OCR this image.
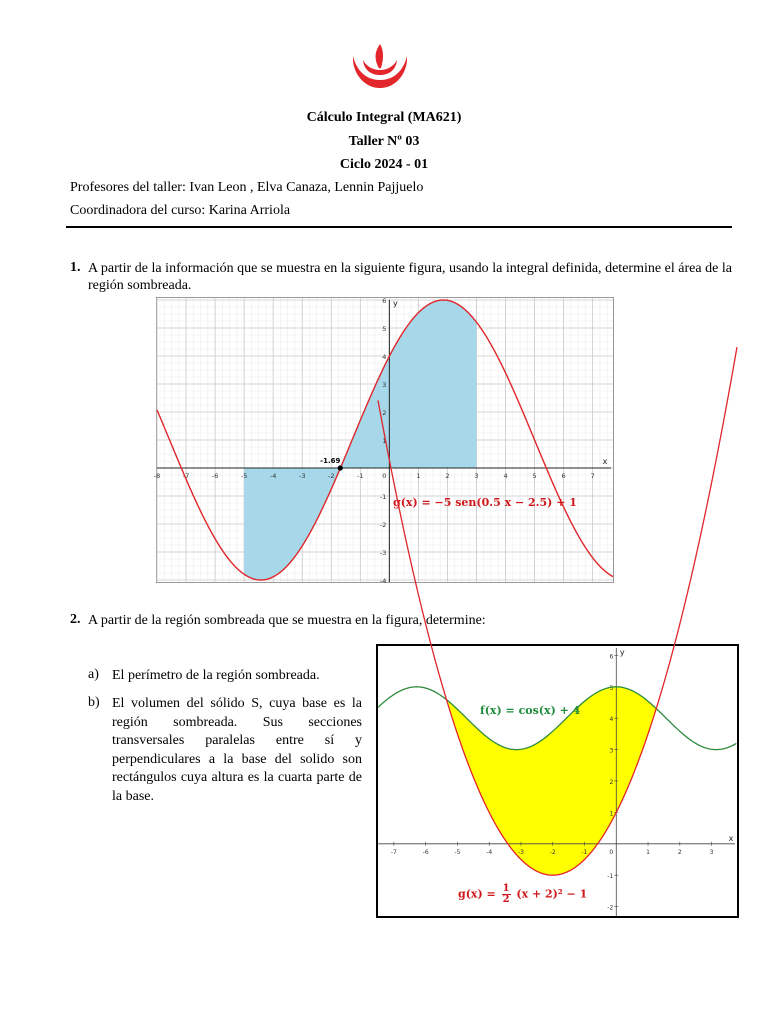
Cálculo Integral (MA621)
Taller Nº 03
Ciclo 2024 - 01
Profesores del taller: Ivan Leon , Elva Canaza, Lennin Pajjuelo
Coordinadora del curso: Karina Arriola
1. A partir de la información que se muestra en la siguiente figura, usando la integral definida, determine el área de la región sombreada.
x
y
-8	-7	-6	-5	-4	-3	-2	-1	0	1	2	3	4	5	6	7
-4
-3
-2
-1
1
2
3
4
5
6
-1.69
g(x) = −5 sen(0.5 x − 2.5) + 1
2. A partir de la región sombreada que se muestra en la figura, determine:
a) El perímetro de la región sombreada.
b) El volumen del sólido S, cuya base es la región sombreada. Sus secciones transversales paralelas entre sí y perpendiculares a la base del solido son rectángulos cuya altura es la cuarta parte de la base.
x
y
-7	-6	-5	-4	-3	-2	-1	0	1	2	3
-2
-1
1
2
3
4
5
6
f(x) = cos(x) + 4
$g(x) = \frac{1}{2} (x + 2)^2 - 1$
